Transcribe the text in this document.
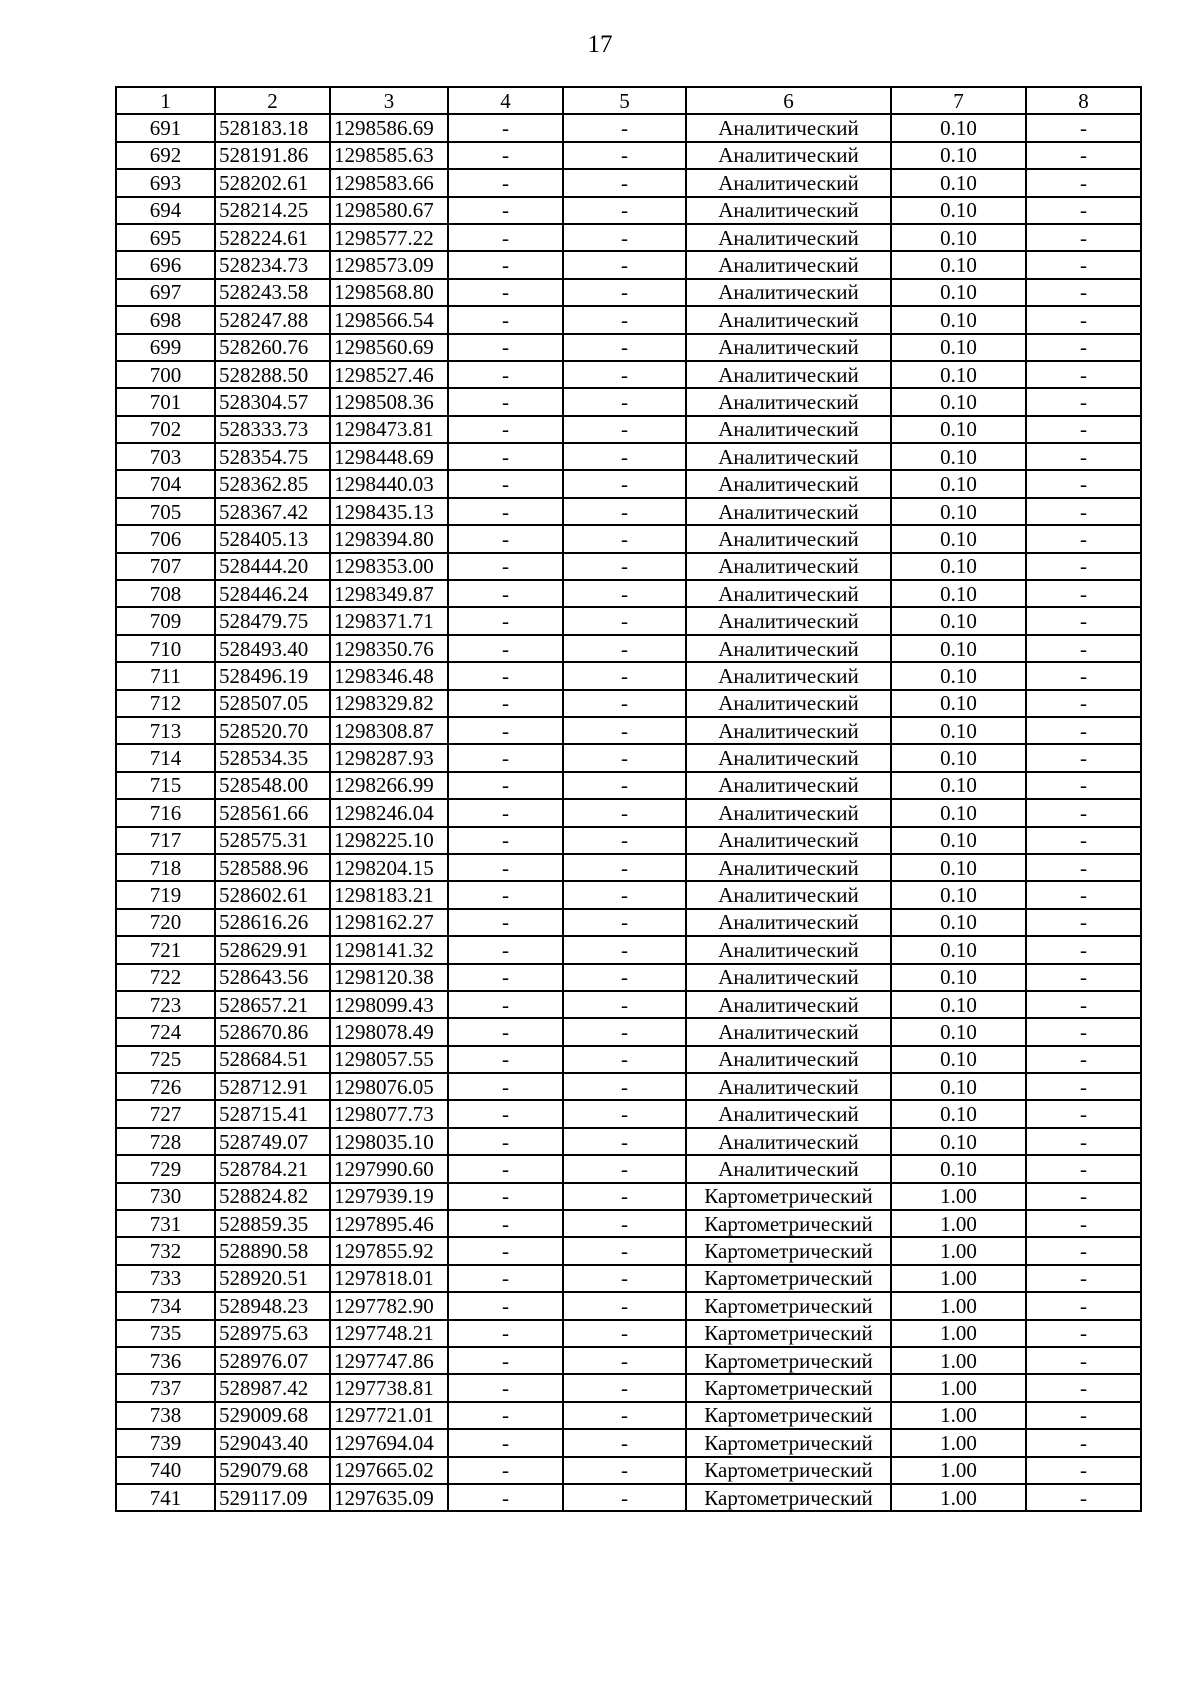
17
1	2	3	4	5	6	7	8
691	528183.18	1298586.69	-	-	Аналитический	0.10	-
692	528191.86	1298585.63	-	-	Аналитический	0.10	-
693	528202.61	1298583.66	-	-	Аналитический	0.10	-
694	528214.25	1298580.67	-	-	Аналитический	0.10	-
695	528224.61	1298577.22	-	-	Аналитический	0.10	-
696	528234.73	1298573.09	-	-	Аналитический	0.10	-
697	528243.58	1298568.80	-	-	Аналитический	0.10	-
698	528247.88	1298566.54	-	-	Аналитический	0.10	-
699	528260.76	1298560.69	-	-	Аналитический	0.10	-
700	528288.50	1298527.46	-	-	Аналитический	0.10	-
701	528304.57	1298508.36	-	-	Аналитический	0.10	-
702	528333.73	1298473.81	-	-	Аналитический	0.10	-
703	528354.75	1298448.69	-	-	Аналитический	0.10	-
704	528362.85	1298440.03	-	-	Аналитический	0.10	-
705	528367.42	1298435.13	-	-	Аналитический	0.10	-
706	528405.13	1298394.80	-	-	Аналитический	0.10	-
707	528444.20	1298353.00	-	-	Аналитический	0.10	-
708	528446.24	1298349.87	-	-	Аналитический	0.10	-
709	528479.75	1298371.71	-	-	Аналитический	0.10	-
710	528493.40	1298350.76	-	-	Аналитический	0.10	-
711	528496.19	1298346.48	-	-	Аналитический	0.10	-
712	528507.05	1298329.82	-	-	Аналитический	0.10	-
713	528520.70	1298308.87	-	-	Аналитический	0.10	-
714	528534.35	1298287.93	-	-	Аналитический	0.10	-
715	528548.00	1298266.99	-	-	Аналитический	0.10	-
716	528561.66	1298246.04	-	-	Аналитический	0.10	-
717	528575.31	1298225.10	-	-	Аналитический	0.10	-
718	528588.96	1298204.15	-	-	Аналитический	0.10	-
719	528602.61	1298183.21	-	-	Аналитический	0.10	-
720	528616.26	1298162.27	-	-	Аналитический	0.10	-
721	528629.91	1298141.32	-	-	Аналитический	0.10	-
722	528643.56	1298120.38	-	-	Аналитический	0.10	-
723	528657.21	1298099.43	-	-	Аналитический	0.10	-
724	528670.86	1298078.49	-	-	Аналитический	0.10	-
725	528684.51	1298057.55	-	-	Аналитический	0.10	-
726	528712.91	1298076.05	-	-	Аналитический	0.10	-
727	528715.41	1298077.73	-	-	Аналитический	0.10	-
728	528749.07	1298035.10	-	-	Аналитический	0.10	-
729	528784.21	1297990.60	-	-	Аналитический	0.10	-
730	528824.82	1297939.19	-	-	Картометрический	1.00	-
731	528859.35	1297895.46	-	-	Картометрический	1.00	-
732	528890.58	1297855.92	-	-	Картометрический	1.00	-
733	528920.51	1297818.01	-	-	Картометрический	1.00	-
734	528948.23	1297782.90	-	-	Картометрический	1.00	-
735	528975.63	1297748.21	-	-	Картометрический	1.00	-
736	528976.07	1297747.86	-	-	Картометрический	1.00	-
737	528987.42	1297738.81	-	-	Картометрический	1.00	-
738	529009.68	1297721.01	-	-	Картометрический	1.00	-
739	529043.40	1297694.04	-	-	Картометрический	1.00	-
740	529079.68	1297665.02	-	-	Картометрический	1.00	-
741	529117.09	1297635.09	-	-	Картометрический	1.00	-
